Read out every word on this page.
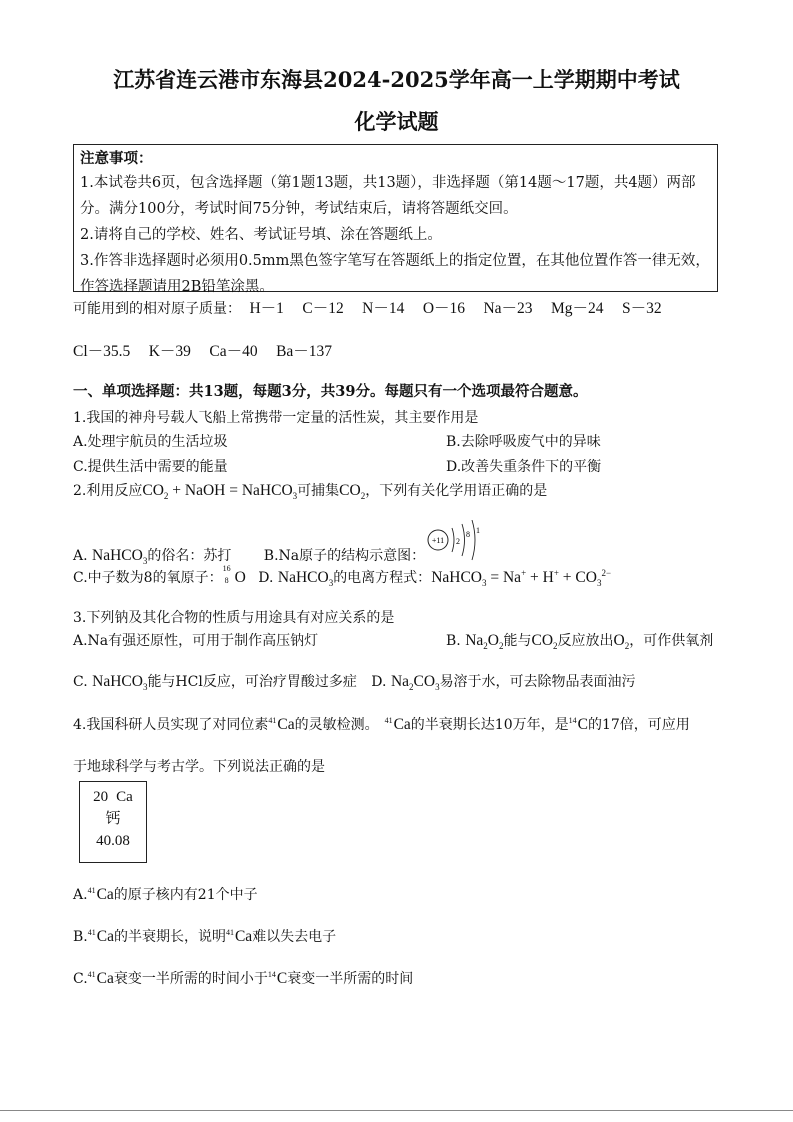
江苏省连云港市东海县2024-2025学年高一上学期期中考试
化学试题
注意事项：
1.本试卷共6页，包含选择题（第1题13题，共13题），非选择题（第14题～17题，共4题）两部分。满分100分，考试时间75分钟，考试结束后，请将答题纸交回。
2.请将自己的学校、姓名、考试证号填、涂在答题纸上。
3.作答非选择题时必须用0.5mm黑色签字笔写在答题纸上的指定位置，在其他位置作答一律无效，作答选择题请用2B铅笔涂黑。
可能用到的相对原子质量： H－1 C－12 N－14 O－16 Na－23 Mg－24 S－32
Cl－35.5 K－39 Ca－40 Ba－137
一、单项选择题：共13题，每题3分，共39分。每题只有一个选项最符合题意。
1.我国的神舟号载人飞船上常携带一定量的活性炭，其主要作用是
A.处理宇航员的生活垃圾	B.去除呼吸废气中的异味
C.提供生活中需要的能量	D.改善失重条件下的平衡
2.利用反应$CO_2$ + NaOH = NaHCO$_3$可捕集$CO_2$，下列有关化学用语正确的是
A. NaHCO$_3$的俗名：苏打 B.Na原子的结构示意图：
+11 2
8 1
C.中子数为8的氧原子：
16
8 O D. NaHCO$_3$的电离方程式：NaHCO$_3$ = $Na^+ + H^+ + CO_3^{2-}$
3.下列钠及其化合物的性质与用途具有对应关系的是
A.Na有强还原性，可用于制作高压钠灯	B. $Na_2O_2$能与$CO_2$反应放出$O_2$，可作供氧剂
C. NaHCO$_3$能与HCl反应，可治疗胃酸过多症 D. $Na_2CO_3$易溶于水，可去除物品表面油污
4.我国科研人员实现了对同位素$^{41}$Ca的灵敏检测。 $^{41}$Ca的半衰期长达10万年，是$^{14}$C的17倍，可应用
于地球科学与考古学。下列说法正确的是
20 Ca
钙
40.08
A.$^{41}$Ca的原子核内有21个中子
B.$^{41}$Ca的半衰期长，说明$^{41}$Ca难以失去电子
C.$^{41}$Ca衰变一半所需的时间小于$^{14}$C衰变一半所需的时间
